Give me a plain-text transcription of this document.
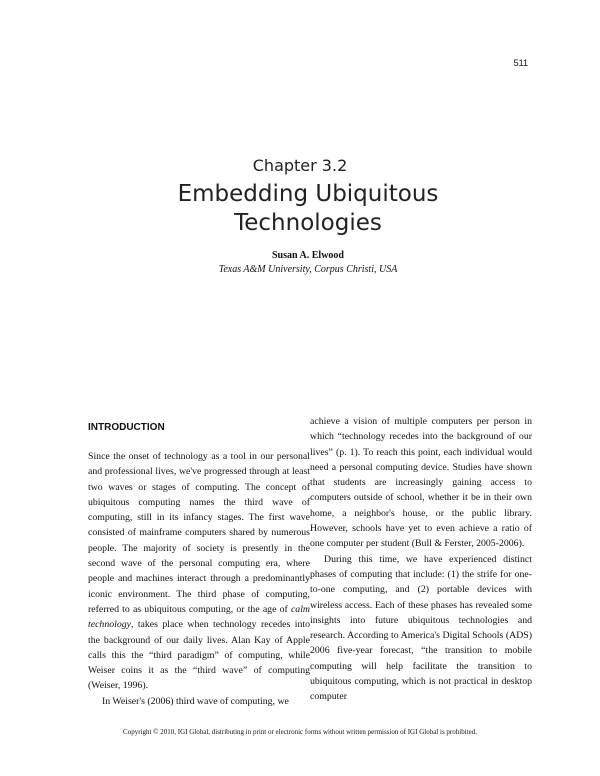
511
Chapter 3.2
Embedding Ubiquitous
Technologies
Susan A. Elwood
Texas A&M University, Corpus Christi, USA
INTRODUCTION

Since the onset of technology as a tool in our personal and professional lives, we've progressed through at least two waves or stages of computing. The concept of ubiquitous computing names the third wave of computing, still in its infancy stages. The first wave consisted of mainframe computers shared by numerous people. The majority of society is presently in the second wave of the personal computing era, where people and machines interact through a predominantly iconic environment. The third phase of computing, referred to as ubiquitous computing, or the age of calm technology, takes place when technology recedes into the background of our daily lives. Alan Kay of Apple calls this the “third paradigm” of computing, while Weiser coins it as the “third wave” of computing (Weiser, 1996).

In Weiser's (2006) third wave of computing, we

achieve a vision of multiple computers per person in which “technology recedes into the background of our lives” (p. 1). To reach this point, each individual would need a personal computing device. Studies have shown that students are increasingly gaining access to computers outside of school, whether it be in their own home, a neighbor's house, or the public library. However, schools have yet to even achieve a ratio of one computer per student (Bull & Ferster, 2005-2006).

During this time, we have experienced distinct phases of computing that include: (1) the strife for one-to-one computing, and (2) portable devices with wireless access. Each of these phases has revealed some insights into future ubiquitous technologies and research. According to America's Digital Schools (ADS) 2006 five-year forecast, “the transition to mobile computing will help facilitate the transition to ubiquitous computing, which is not practical in desktop computer

Copyright © 2010, IGI Global, distributing in print or electronic forms without written permission of IGI Global is prohibited.
